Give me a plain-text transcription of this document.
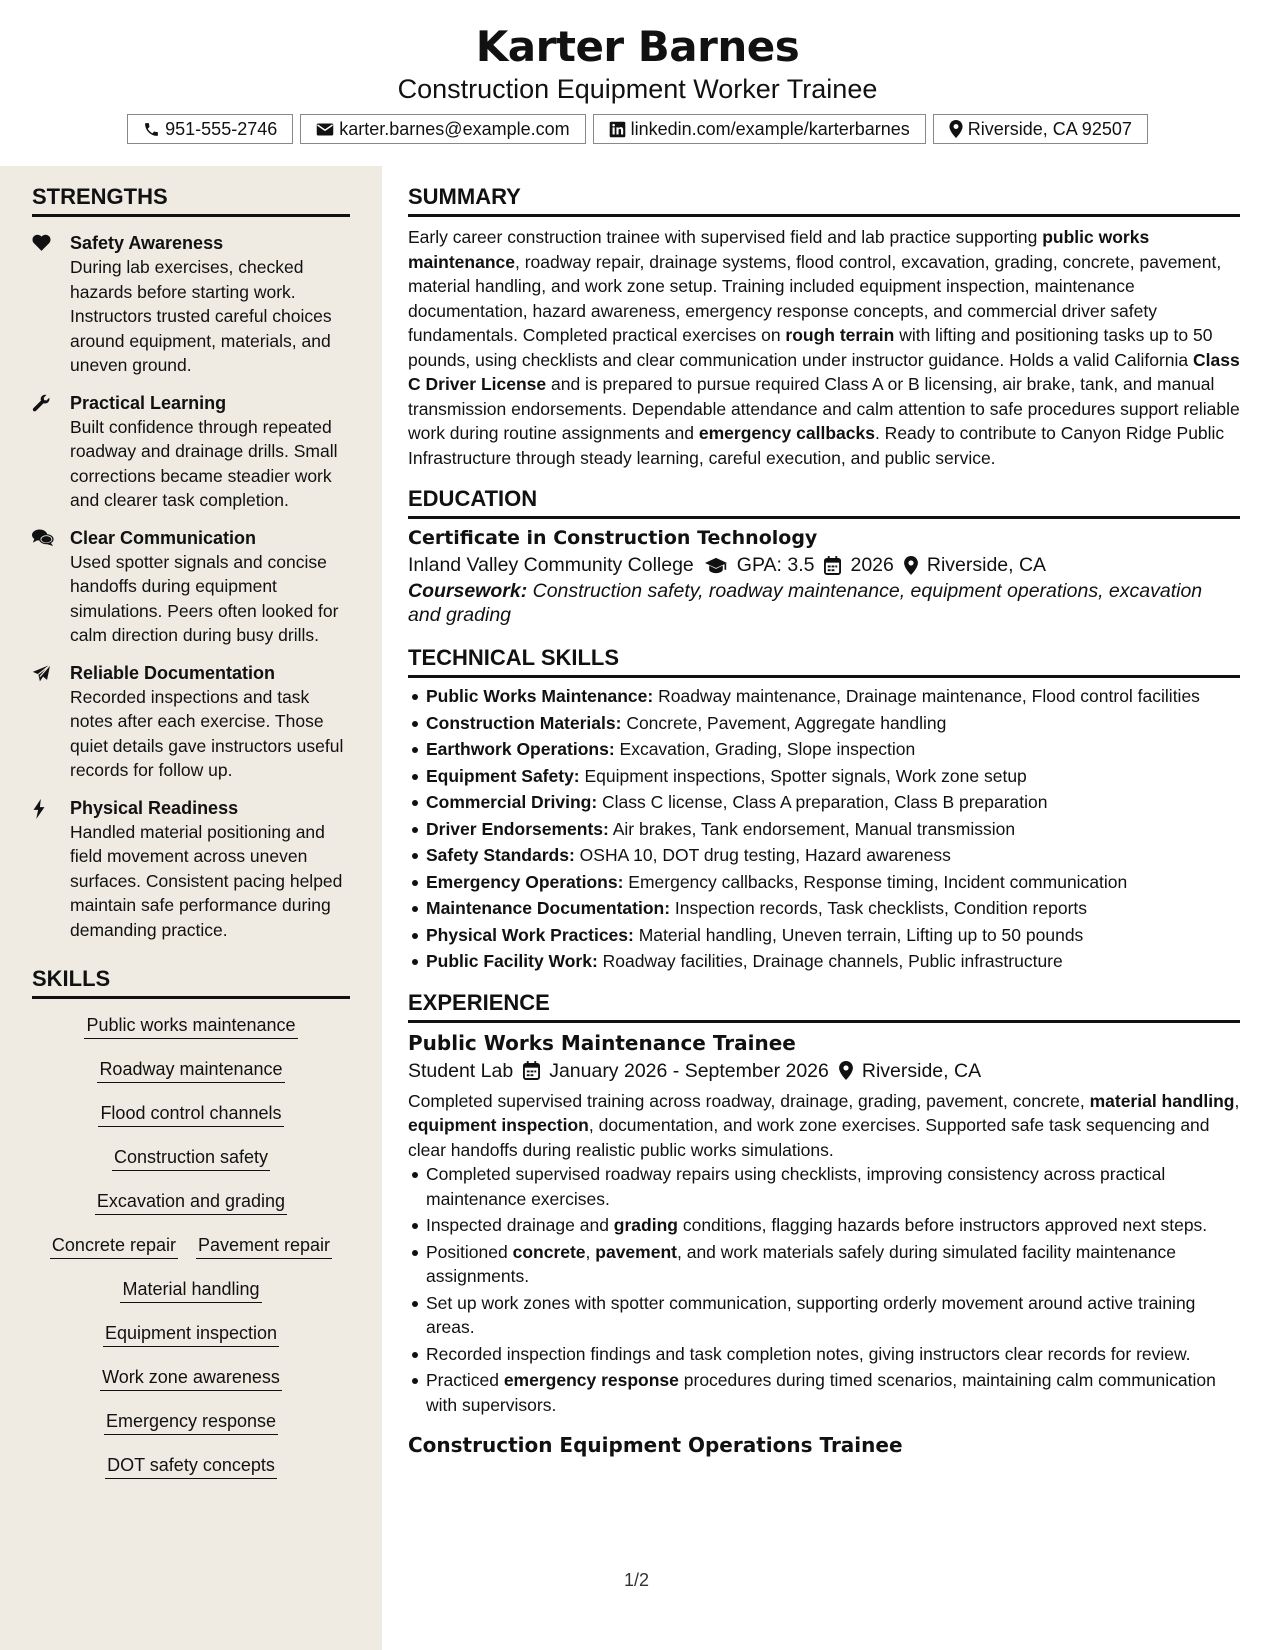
Karter Barnes
Construction Equipment Worker Trainee
951-555-2746	karter.barnes@example.com	linkedin.com/example/karterbarnes	Riverside, CA 92507
STRENGTHS
Safety Awareness
During lab exercises, checked hazards before starting work. Instructors trusted careful choices around equipment, materials, and uneven ground.
Practical Learning
Built confidence through repeated roadway and drainage drills. Small corrections became steadier work and clearer task completion.
Clear Communication
Used spotter signals and concise handoffs during equipment simulations. Peers often looked for calm direction during busy drills.
Reliable Documentation
Recorded inspections and task notes after each exercise. Those quiet details gave instructors useful records for follow up.
Physical Readiness
Handled material positioning and field movement across uneven surfaces. Consistent pacing helped maintain safe performance during demanding practice.
SKILLS
Public works maintenance
Roadway maintenance
Flood control channels
Construction safety
Excavation and grading
Concrete repair Pavement repair
Material handling
Equipment inspection
Work zone awareness
Emergency response
DOT safety concepts
SUMMARY

Early career construction trainee with supervised field and lab practice supporting public works maintenance, roadway repair, drainage systems, flood control, excavation, grading, concrete, pavement, material handling, and work zone setup. Training included equipment inspection, maintenance documentation, hazard awareness, emergency response concepts, and commercial driver safety fundamentals. Completed practical exercises on rough terrain with lifting and positioning tasks up to 50 pounds, using checklists and clear communication under instructor guidance. Holds a valid California Class C Driver License and is prepared to pursue required Class A or B licensing, air brake, tank, and manual transmission endorsements. Dependable attendance and calm attention to safe procedures support reliable work during routine assignments and emergency callbacks. Ready to contribute to Canyon Ridge Public Infrastructure through steady learning, careful execution, and public service.

EDUCATION
Certificate in Construction Technology
Inland Valley Community College GPA: 3.5 2026 Riverside, CA
Coursework: Construction safety, roadway maintenance, equipment operations, excavation and grading
TECHNICAL SKILLS
Public Works Maintenance: Roadway maintenance, Drainage maintenance, Flood control facilities
Construction Materials: Concrete, Pavement, Aggregate handling
Earthwork Operations: Excavation, Grading, Slope inspection
Equipment Safety: Equipment inspections, Spotter signals, Work zone setup
Commercial Driving: Class C license, Class A preparation, Class B preparation
Driver Endorsements: Air brakes, Tank endorsement, Manual transmission
Safety Standards: OSHA 10, DOT drug testing, Hazard awareness
Emergency Operations: Emergency callbacks, Response timing, Incident communication
Maintenance Documentation: Inspection records, Task checklists, Condition reports
Physical Work Practices: Material handling, Uneven terrain, Lifting up to 50 pounds
Public Facility Work: Roadway facilities, Drainage channels, Public infrastructure
EXPERIENCE
Public Works Maintenance Trainee
Student Lab January 2026 - September 2026 Riverside, CA

Completed supervised training across roadway, drainage, grading, pavement, concrete, material handling, equipment inspection, documentation, and work zone exercises. Supported safe task sequencing and clear handoffs during realistic public works simulations.

Completed supervised roadway repairs using checklists, improving consistency across practical maintenance exercises.
Inspected drainage and grading conditions, flagging hazards before instructors approved next steps.
Positioned concrete, pavement, and work materials safely during simulated facility maintenance assignments.
Set up work zones with spotter communication, supporting orderly movement around active training areas.
Recorded inspection findings and task completion notes, giving instructors clear records for review.
Practiced emergency response procedures during timed scenarios, maintaining calm communication with supervisors.
Construction Equipment Operations Trainee
1/2
